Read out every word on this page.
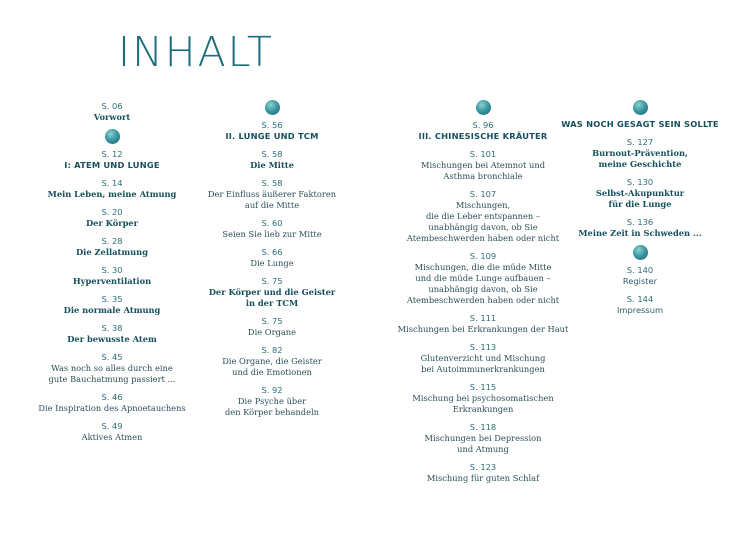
INHALT
S. 06
Vorwort
S. 12
I: ATEM UND LUNGE
S. 14
Mein Leben, meine Atmung
S. 20
Der Körper
S. 28
Die Zellatmung
S. 30
Hyperventilation
S. 35
Die normale Atmung
S. 38
Der bewusste Atem
S. 45
Was noch so alles durch eine
gute Bauchatmung passiert ...
S. 46
Die Inspiration des Apnoetauchens
S. 49
Aktives Atmen
S. 56
II. LUNGE UND TCM
S. 58
Die Mitte
S. 58
Der Einfluss äußerer Faktoren
auf die Mitte
S. 60
Seien Sie lieb zur Mitte
S. 66
Die Lunge
S. 75
Der Körper und die Geister
in der TCM
S. 75
Die Organe
S. 82
Die Organe, die Geister
und die Emotionen
S. 92
Die Psyche über
den Körper behandeln
S. 96
III. CHINESISCHE KRÄUTER
S. 101
Mischungen bei Atemnot und
Asthma bronchiale
S. 107
Mischungen,
die die Leber entspannen –
unabhängig davon, ob Sie
Atembeschwerden haben oder nicht
S. 109
Mischungen, die die müde Mitte
und die müde Lunge aufbauen –
unabhängig davon, ob Sie
Atembeschwerden haben oder nicht
S. 111
Mischungen bei Erkrankungen der Haut
S. 113
Glutenverzicht und Mischung
bei Autoimmunerkrankungen
S. 115
Mischung bei psychosomatischen
Erkrankungen
S. 118
Mischungen bei Depression
und Atmung
S. 123
Mischung für guten Schlaf
WAS NOCH GESAGT SEIN SOLLTE
S. 127
Burnout-Prävention,
meine Geschichte
S. 130
Selbst-Akupunktur
für die Lunge
S. 136
Meine Zeit in Schweden ...
S. 140
Register
S. 144
Impressum
